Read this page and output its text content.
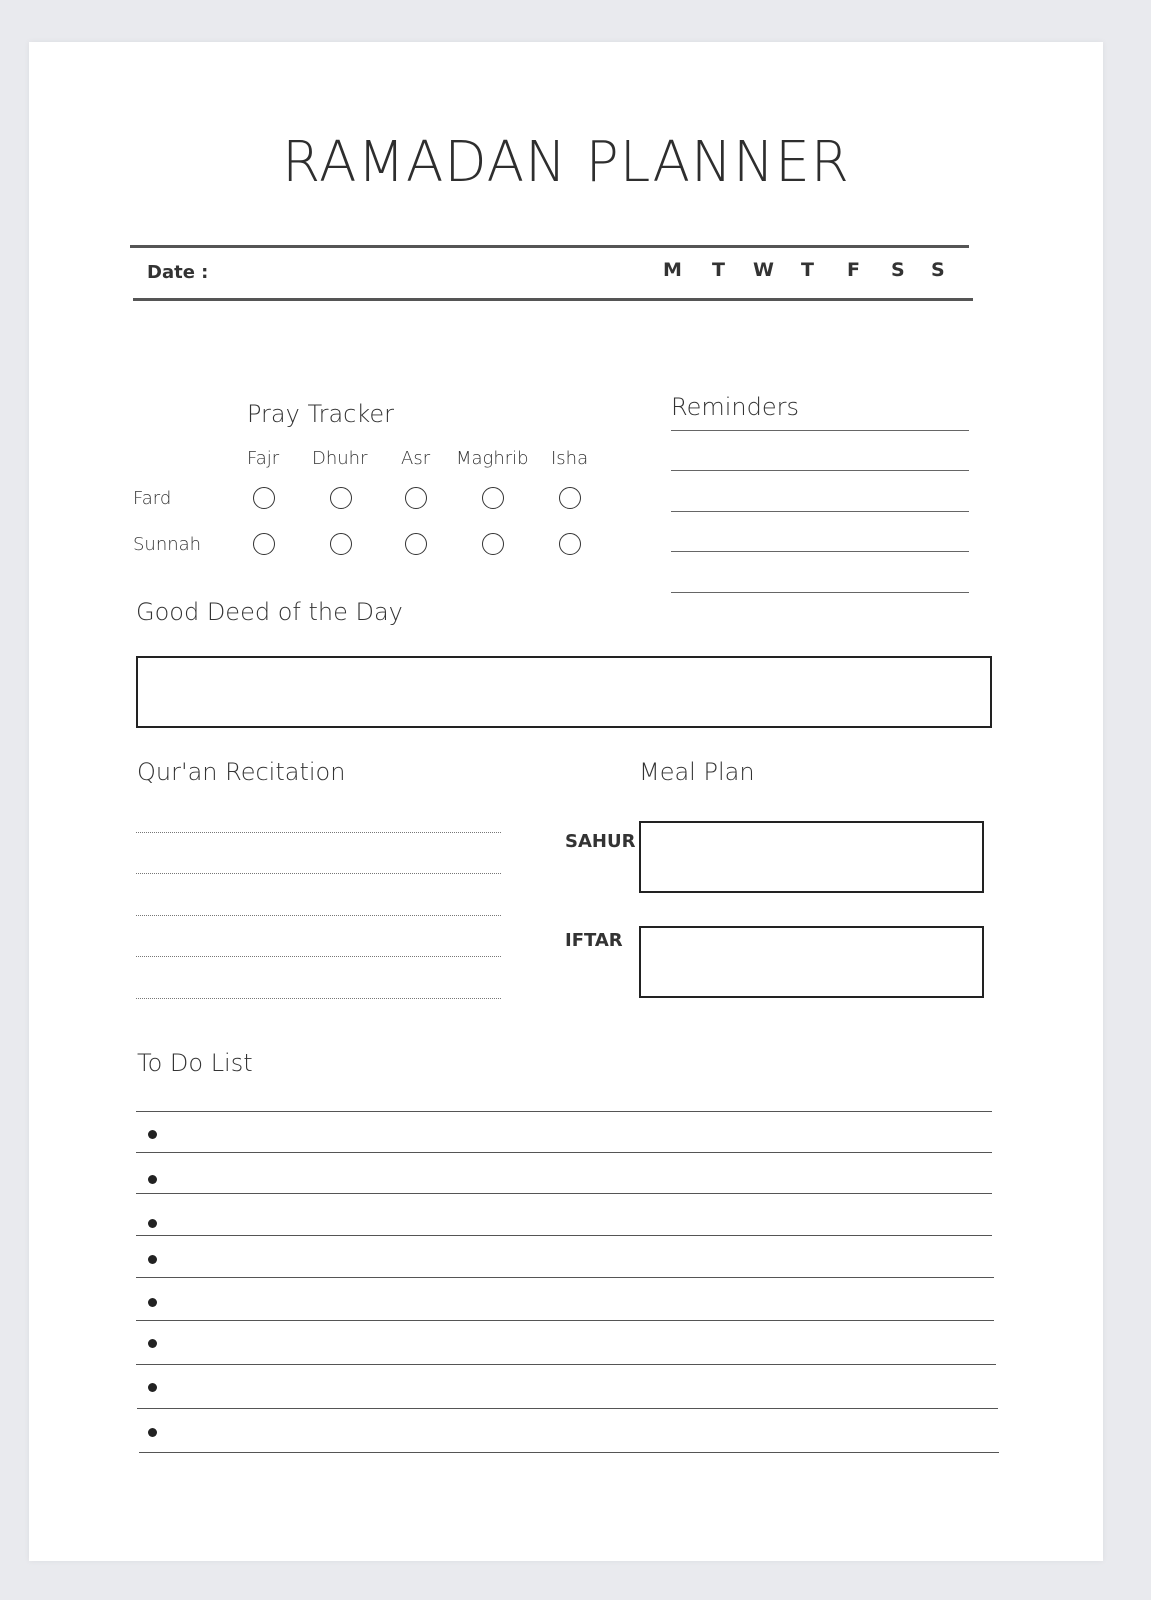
RAMADAN PLANNER
Date :	M T W T F S S
Pray Tracker
Fajr Dhuhr Asr Maghrib Isha
Fard
Sunnah
Reminders
Good Deed of the Day
Qur'an Recitation	Meal Plan
SAHUR
IFTAR
To Do List
